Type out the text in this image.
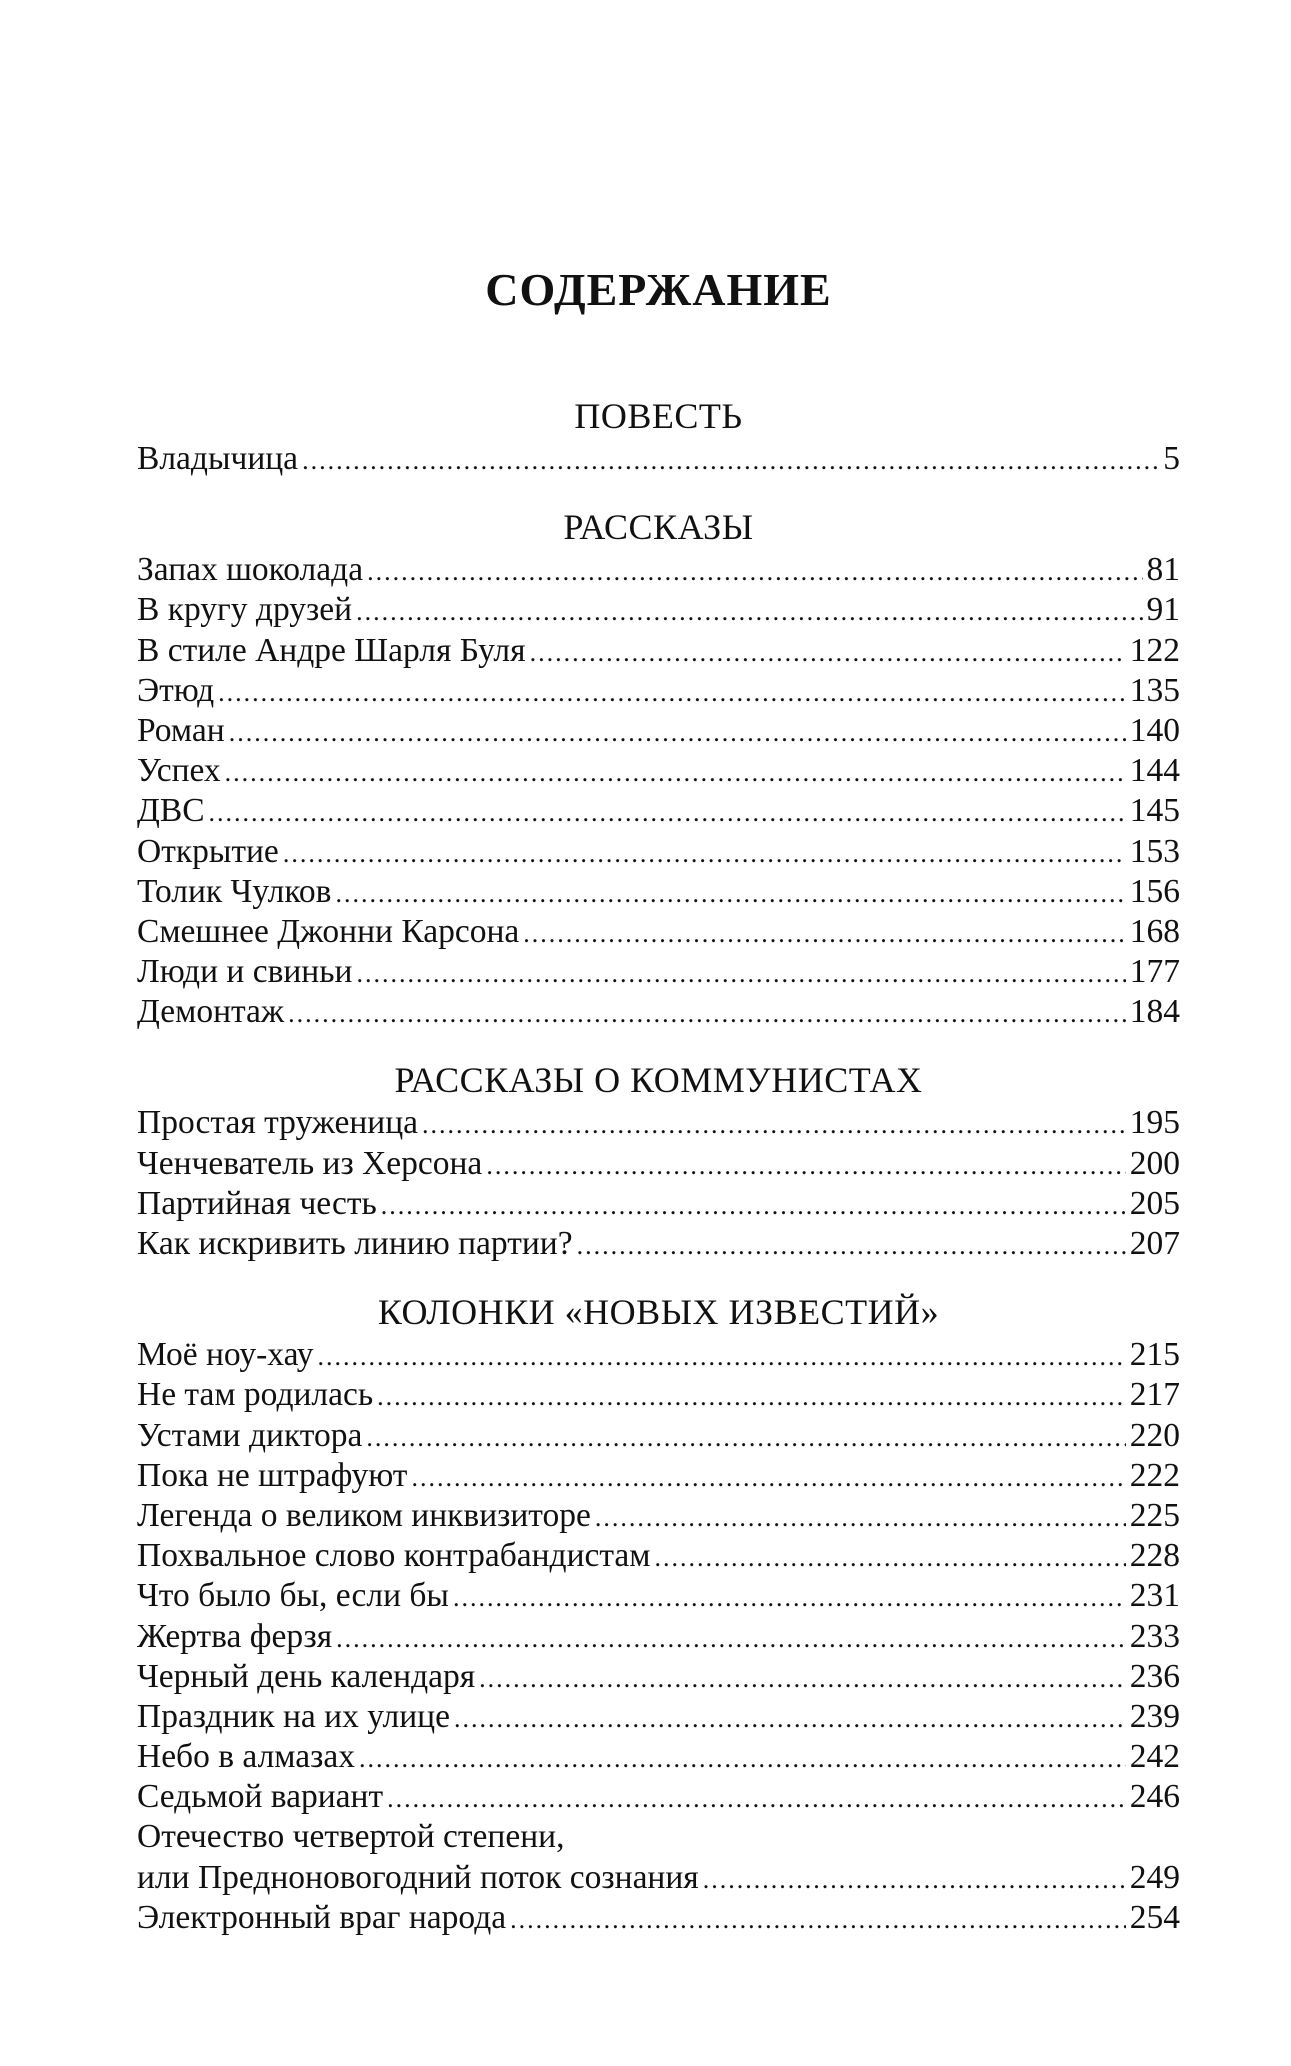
СОДЕРЖАНИЕ
ПОВЕСТЬ
Владычица .....	5
РАССКАЗЫ
Запах шоколада .....	81
В кругу друзей .....	91
В стиле Андре Шарля Буля .....	122
Этюд .....	135
Роман .....	140
Успех .....	144
ДВС .....	145
Открытие .....	153
Толик Чулков .....	156
Смешнее Джонни Карсона .....	168
Люди и свиньи .....	177
Демонтаж .....	184
РАССКАЗЫ О КОММУНИСТАХ
Простая труженица .....	195
Ченчеватель из Херсона .....	200
Партийная честь .....	205
Как искривить линию партии? .....	207
КОЛОНКИ «НОВЫХ ИЗВЕСТИЙ»
Моё ноу-хау .....	215
Не там родилась .....	217
Устами диктора .....	220
Пока не штрафуют .....	222
Легенда о великом инквизиторе .....	225
Похвальное слово контрабандистам .....	228
Что было бы, если бы .....	231
Жертва ферзя .....	233
Черный день календаря .....	236
Праздник на их улице .....	239
Небо в алмазах .....	242
Седьмой вариант .....	246
Отечество четвертой степени,
или Предноновогодний поток сознания .....	249
Электронный враг народа .....	254
